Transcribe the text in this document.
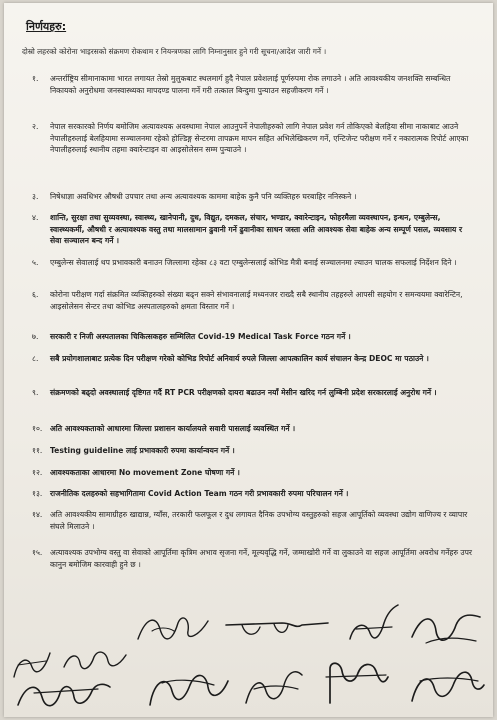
निर्णयहरु:
दोस्रो लहरको कोरोना भाइरसको संक्रमण रोकथाम र नियन्त्रणका लागि निम्नानुसार हुने गरी सूचना/आदेश जारी गर्ने ।
१.	अन्तर्राष्ट्रिय सीमानाकामा भारत लगायत तेस्रो मुलुकबाट स्थलमार्ग हुदै नेपाल प्रवेशलाई पूर्णरुपमा रोक लगाउने । अति आवश्यकीय जनशक्ति सम्बन्धित निकायको अनुरोधमा जनस्वास्थ्यका मापदण्ड पालना गर्ने गरी तत्काल बिन्दुमा पुन्याउन सहजीकरण गर्ने ।
२.	नेपाल सरकारको निर्णय बमोजिम अत्यावश्यक अवस्थामा नेपाल आउनुपर्ने नेपालीहरुको लागि नेपाल प्रवेश गर्न तोकिएको बेलहिया सीमा नाकाबाट आउने नेपालीहरुलाई बेलहियामा सञ्चालनमा रहेको होल्डिङ्ग सेन्टरमा तापक्रम मापन सहित अभिलेखिकरण गर्ने, एन्टिजेन्ट परीक्षण गर्ने र नकारात्मक रिपोर्ट आएका नेपालीहरुलाई स्थानीय तहमा क्वारेन्टाइन वा आइसोलेसन सम्म पुन्याउने ।
३.	निषेधाज्ञा अवधिभर औषधी उपचार तथा अन्य अत्यावश्यक काममा बाहेक कुनै पनि व्यक्तिहरु घरबाहिर ननिस्कने ।
४.	शान्ति, सुरक्षा तथा सुव्यवस्था, स्वास्थ्य, खानेपानी, दुध, विद्युत, दमकल, संचार, भण्डार, क्वारेन्टाइन, फोहरमैला व्यवस्थापन, इन्धन, एम्बुलेन्स, स्वास्थ्यकर्मी, औषधी र अत्यावश्यक वस्तु तथा मालसामान ढुवानी गर्ने ढुवानीका साधन जस्ता अति आवश्यक सेवा बाहेक अन्य सम्पूर्ण पसल, व्यवसाय र सेवा सञ्चालन बन्द गर्ने ।
५.	एम्बुलेन्स सेवालाई थप प्रभावकारी बनाउन जिल्लामा रहेका ८३ वटा एम्बुलेन्सलाई कोभिड मैत्री बनाई सञ्चालनमा ल्याउन चालक सफलाई निर्देशन दिने ।
६.	कोरोना परीक्षण गर्दा संक्रमित व्यक्तिहरुको संख्या बढ्न सक्ने संभावनालाई मध्यनजर राख्दै सबै स्थानीय तहहरुले आपसी सहयोग र समन्वयमा क्वारेन्टिन, आइसोलेसन सेन्टर तथा कोभिड अस्पतालहरुको क्षमता विस्तार गर्ने ।
७.	सरकारी र निजी अस्पतालका चिकित्सकहरु सम्मिलित Covid-19 Medical Task Force गठन गर्ने ।
८.	सबै प्रयोगशालाबाट प्रत्येक दिन परीक्षण गरेको कोभिड रिपोर्ट अनिवार्य रुपले जिल्ला आपत्कालिन कार्य संचालन केन्द्र DEOC मा पठाउने ।
९.	संक्रमणको बढ्दो अवस्थालाई दृष्टिगत गर्दै RT PCR परीक्षणको दायरा बढाउन नयाँ मेसीन खरिद गर्न लुम्बिनी प्रदेश सरकारलाई अनुरोध गर्ने ।
१०.	अति आवश्यकताको आधारमा जिल्ला प्रशासन कार्यालयले सवारी पासलाई व्यवस्थित गर्ने ।
११.	Testing guideline लाई प्रभावकारी रुपमा कार्यान्वयन गर्ने ।
१२.	आवश्यकताका आधारमा No movement Zone घोषणा गर्ने ।
१३.	राजनीतिक दलहरुको सहभागितामा Covid Action Team गठन गरी प्रभावकारी रुपमा परिचालन गर्ने ।
१४.	अति आवश्यकीय सामाग्रीहरु खाद्यान्न, ग्याँस, तरकारी फलफूल र दुध लगायत दैनिक उपभोग्य वस्तुहरुको सहज आपूर्तिको व्यवस्था उद्योग वाणिज्य र व्यापार संघले मिलाउने ।
१५.	अत्यावश्यक उपभोग्य वस्तु वा सेवाको आपूर्तिमा कृत्रिम अभाव सृजना गर्ने, मूल्यवृद्धि गर्ने, जम्माखोरी गर्ने वा लुकाउने वा सहज आपूर्तिमा अवरोध गर्नेहरु उपर कानुन बमोजिम कारवाही हुने छ ।
